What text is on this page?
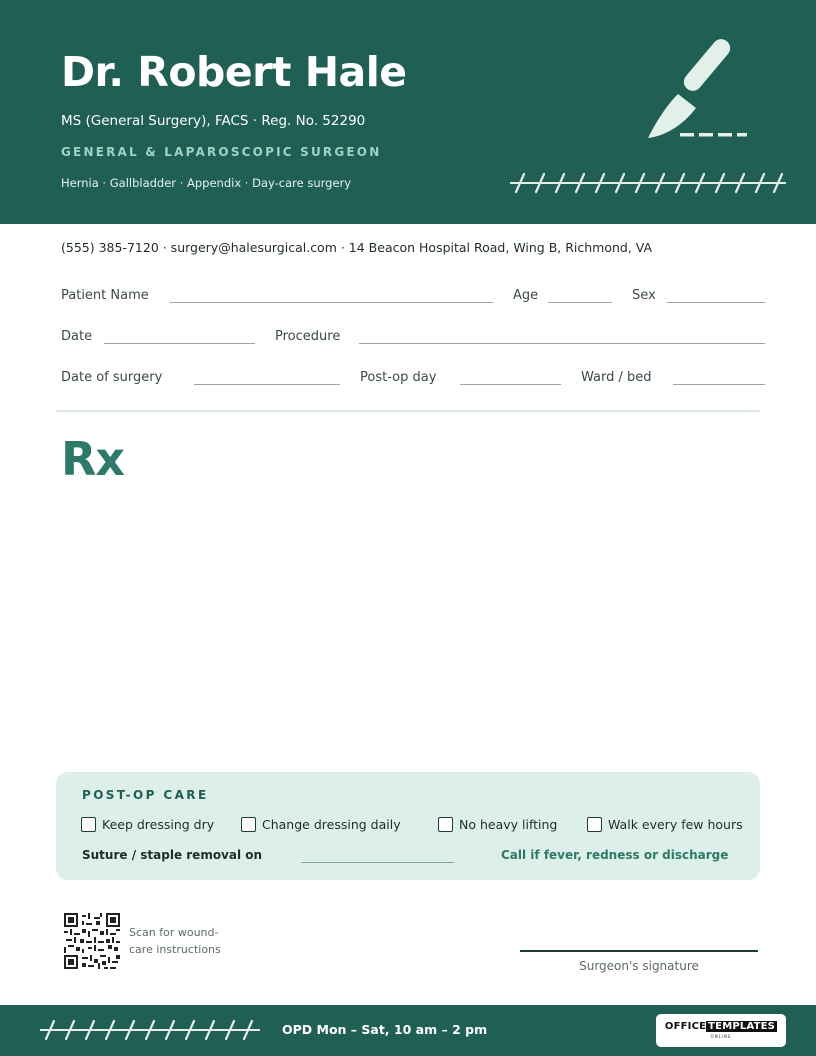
Dr. Robert Hale
MS (General Surgery), FACS · Reg. No. 52290
GENERAL & LAPAROSCOPIC SURGEON
Hernia · Gallbladder · Appendix · Day-care surgery
(555) 385-7120 · surgery@halesurgical.com · 14 Beacon Hospital Road, Wing B, Richmond, VA
Patient Name	Age	Sex
Date	Procedure
Date of surgery	Post-op day	Ward / bed
Rx
POST-OP CARE
Keep dressing dry	Change dressing daily	No heavy lifting	Walk every few hours
Suture / staple removal on	Call if fever, redness or discharge
Scan for wound-care instructions
Surgeon's signature
OPD Mon – Sat, 10 am – 2 pm	OFFICE TEMPLATES
ONLINE
